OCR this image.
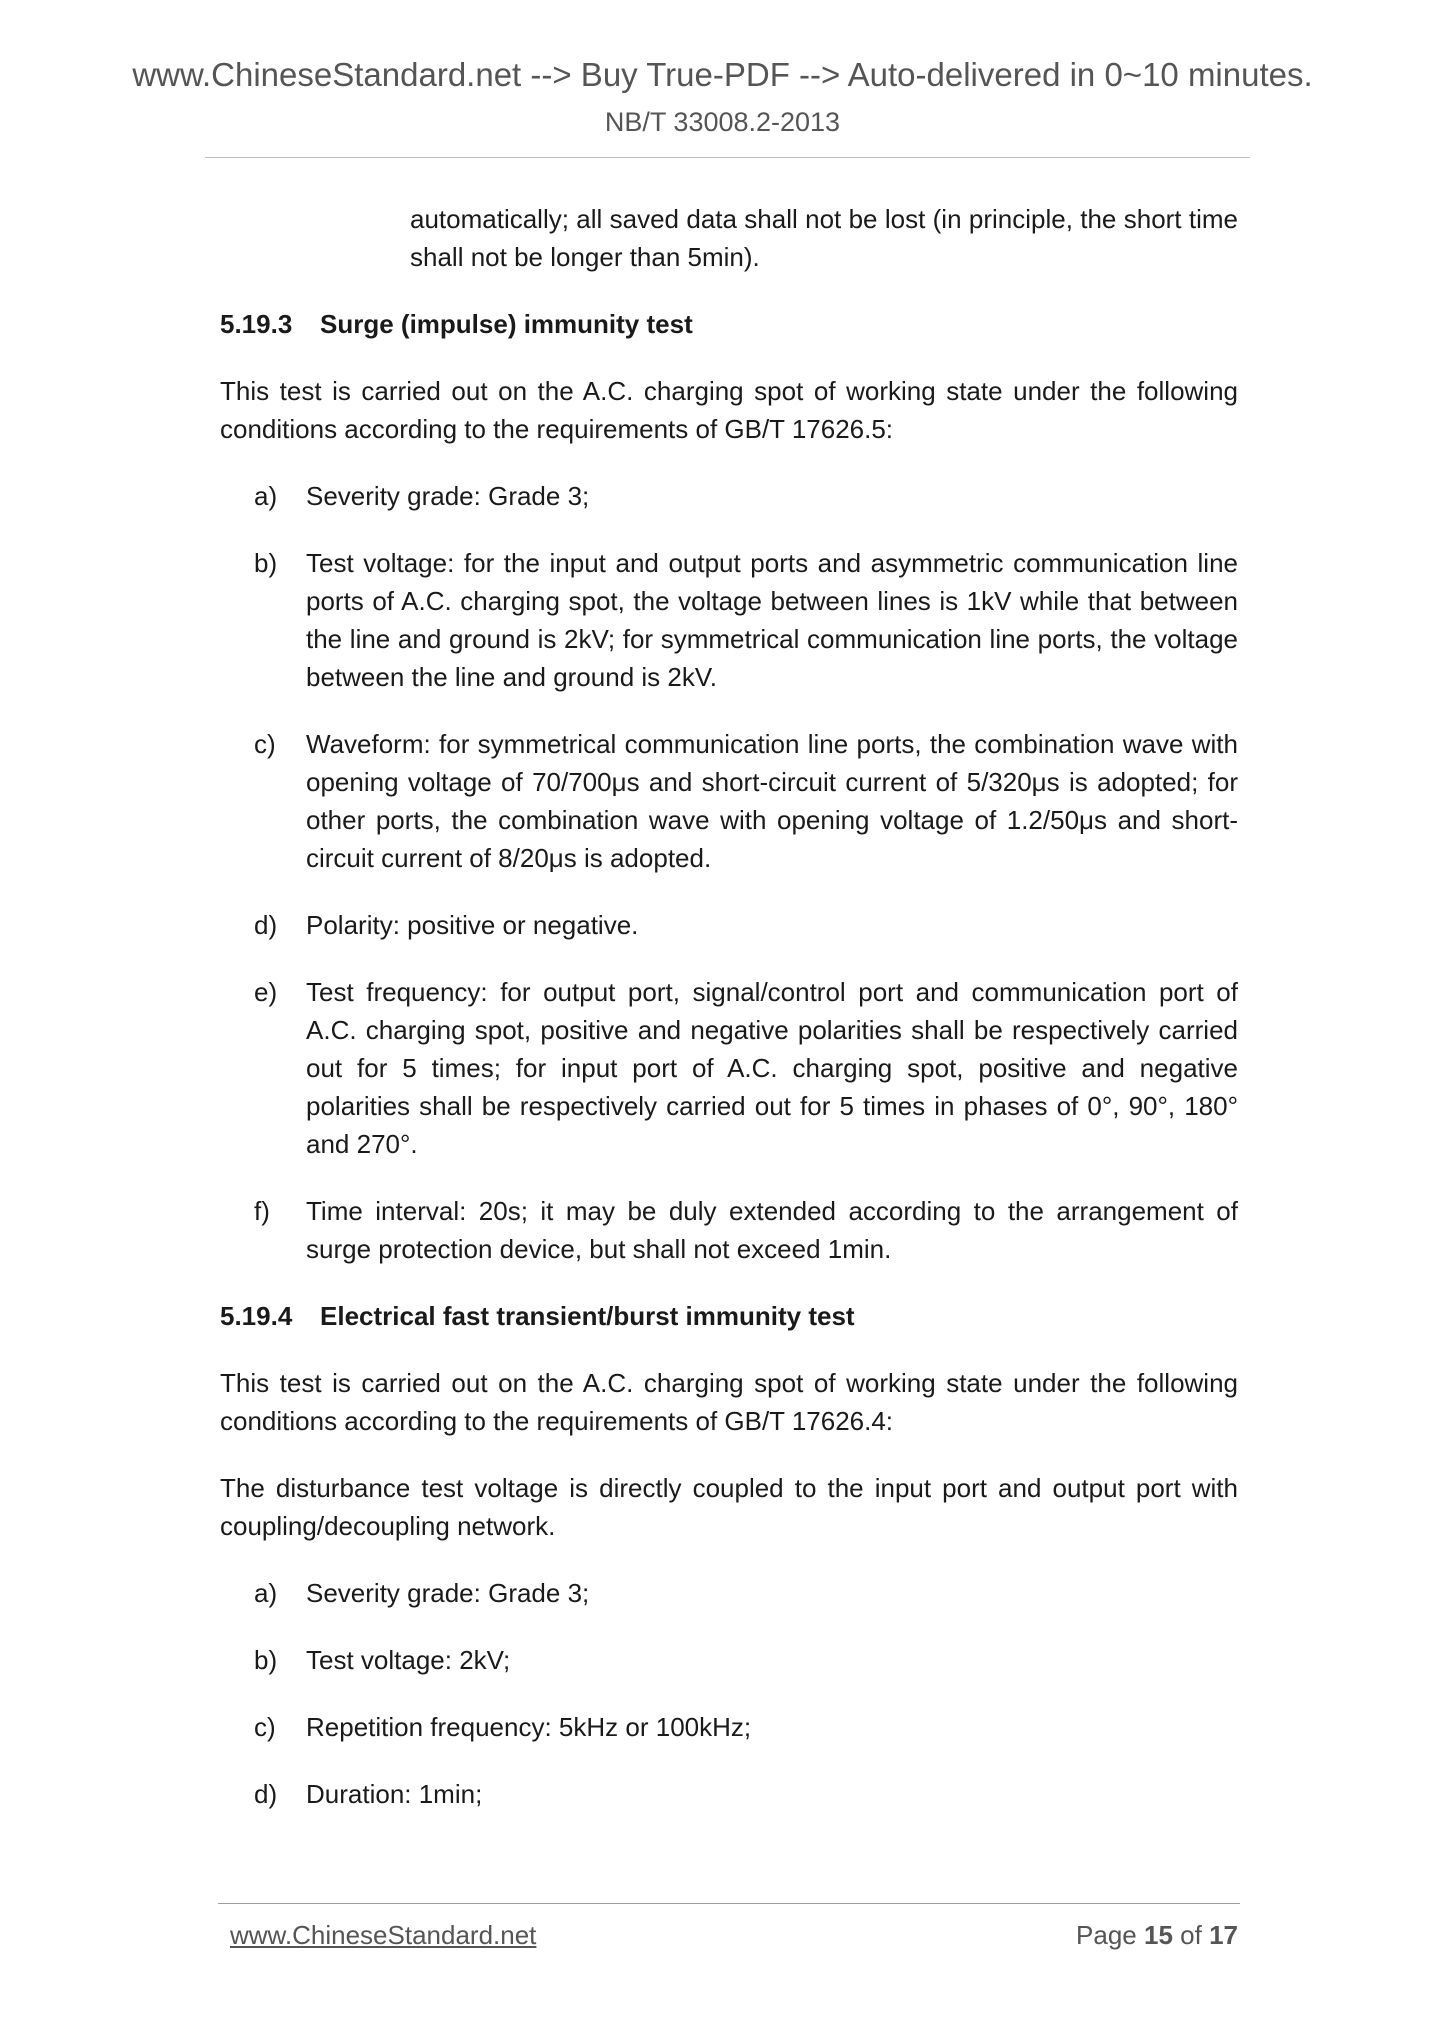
www.ChineseStandard.net --> Buy True-PDF --> Auto-delivered in 0~10 minutes.
NB/T 33008.2-2013

automatically; all saved data shall not be lost (in principle, the short time shall not be longer than 5min).

5.19.3 Surge (impulse) immunity test

This test is carried out on the A.C. charging spot of working state under the following conditions according to the requirements of GB/T 17626.5:

a) Severity grade: Grade 3;
b) Test voltage: for the input and output ports and asymmetric communication line ports of A.C. charging spot, the voltage between lines is 1kV while that between the line and ground is 2kV; for symmetrical communication line ports, the voltage between the line and ground is 2kV.
c) Waveform: for symmetrical communication line ports, the combination wave with opening voltage of 70/700μs and short-circuit current of 5/320μs is adopted; for other ports, the combination wave with opening voltage of 1.2/50μs and short-circuit current of 8/20μs is adopted.
d) Polarity: positive or negative.
e) Test frequency: for output port, signal/control port and communication port of A.C. charging spot, positive and negative polarities shall be respectively carried out for 5 times; for input port of A.C. charging spot, positive and negative polarities shall be respectively carried out for 5 times in phases of 0°, 90°, 180° and 270°.
f) Time interval: 20s; it may be duly extended according to the arrangement of surge protection device, but shall not exceed 1min.
5.19.4 Electrical fast transient/burst immunity test

This test is carried out on the A.C. charging spot of working state under the following conditions according to the requirements of GB/T 17626.4:

The disturbance test voltage is directly coupled to the input port and output port with coupling/decoupling network.

a) Severity grade: Grade 3;
b) Test voltage: 2kV;
c) Repetition frequency: 5kHz or 100kHz;
d) Duration: 1min;
www.ChineseStandard.net	Page 15 of 17
